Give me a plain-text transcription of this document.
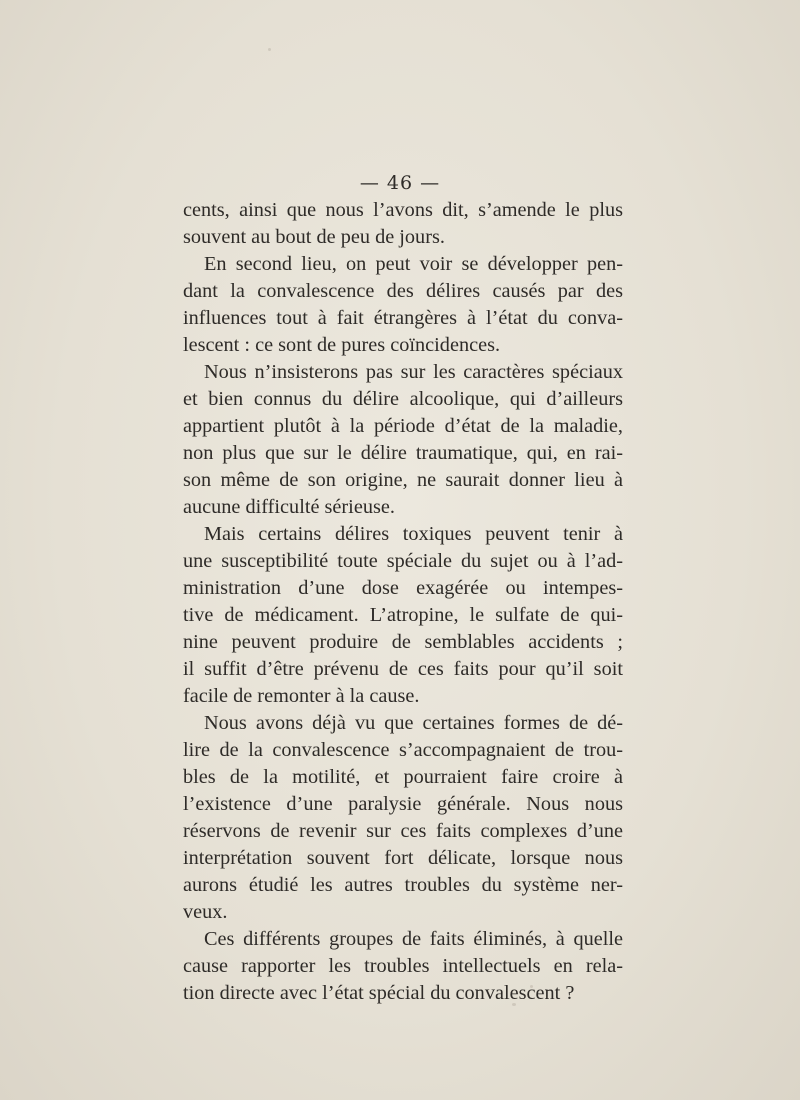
— 46 —
cents, ainsi que nous l’avons dit, s’amende le plus
souvent au bout de peu de jours.
En second lieu, on peut voir se développer pen-
dant la convalescence des délires causés par des
influences tout à fait étrangères à l’état du conva-
lescent : ce sont de pures coïncidences.
Nous n’insisterons pas sur les caractères spéciaux
et bien connus du délire alcoolique, qui d’ailleurs
appartient plutôt à la période d’état de la maladie,
non plus que sur le délire traumatique, qui, en rai-
son même de son origine, ne saurait donner lieu à
aucune difficulté sérieuse.
Mais certains délires toxiques peuvent tenir à
une susceptibilité toute spéciale du sujet ou à l’ad-
ministration d’une dose exagérée ou intempes-
tive de médicament. L’atropine, le sulfate de qui-
nine peuvent produire de semblables accidents ;
il suffit d’être prévenu de ces faits pour qu’il soit
facile de remonter à la cause.
Nous avons déjà vu que certaines formes de dé-
lire de la convalescence s’accompagnaient de trou-
bles de la motilité, et pourraient faire croire à
l’existence d’une paralysie générale. Nous nous
réservons de revenir sur ces faits complexes d’une
interprétation souvent fort délicate, lorsque nous
aurons étudié les autres troubles du système ner-
veux.
Ces différents groupes de faits éliminés, à quelle
cause rapporter les troubles intellectuels en rela-
tion directe avec l’état spécial du convalescent ?
